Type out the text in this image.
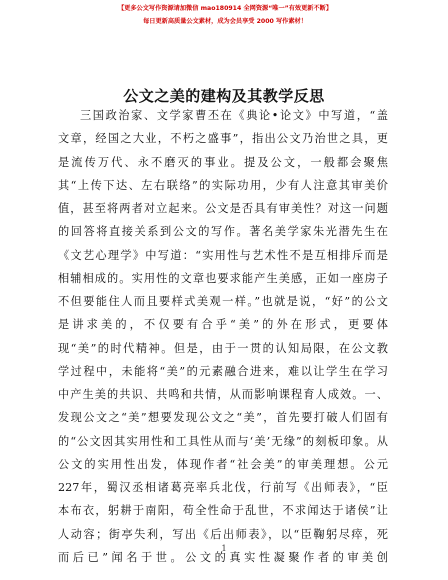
【更多公文写作资源请加微信 mao180914 全网资源“唯一”有效更新不断】
每日更新高质量公文素材，成为会员享受 2000 写作素材！
公文之美的建构及其教学反思
三国政治家、文学家曹丕在《典论•论文》中写道，“盖
文章，经国之大业，不朽之盛事”，指出公文乃治世之具，更
是流传万代、永不磨灭的事业。提及公文，一般都会聚焦
其“上传下达、左右联络”的实际功用，少有人注意其审美价
值，甚至将两者对立起来。公文是否具有审美性？对这一问题
的回答将直接关系到公文的写作。著名美学家朱光潜先生在
《文艺心理学》中写道：“实用性与艺术性不是互相排斥而是
相辅相成的。实用性的文章也要求能产生美感，正如一座房子
不但要能住人而且要样式美观一样。”也就是说，“好”的公文
是讲求美的，不仅要有合乎“美”的外在形式，更要体
现“美”的时代精神。但是，由于一贯的认知局限，在公文教
学过程中，未能将“美”的元素融合进来，难以让学生在学习
中产生美的共识、共鸣和共情，从而影响课程育人成效。一、
发现公文之“美”想要发现公文之“美”，首先要打破人们固有
的“公文因其实用性和工具性从而与‘美’无缘”的刻板印象。从
公文的实用性出发，体现作者“社会美”的审美理想。公元
227年，蜀汉丞相诸葛亮率兵北伐，行前写《出师表》，“臣
本布衣，躬耕于南阳，苟全性命于乱世，不求闻达于诸侯”让
人动容；街亭失利，写出《后出师表》，以“臣鞠躬尽瘁，死
而后已”闻名于世。公文的真实性凝聚作者的审美创
1
